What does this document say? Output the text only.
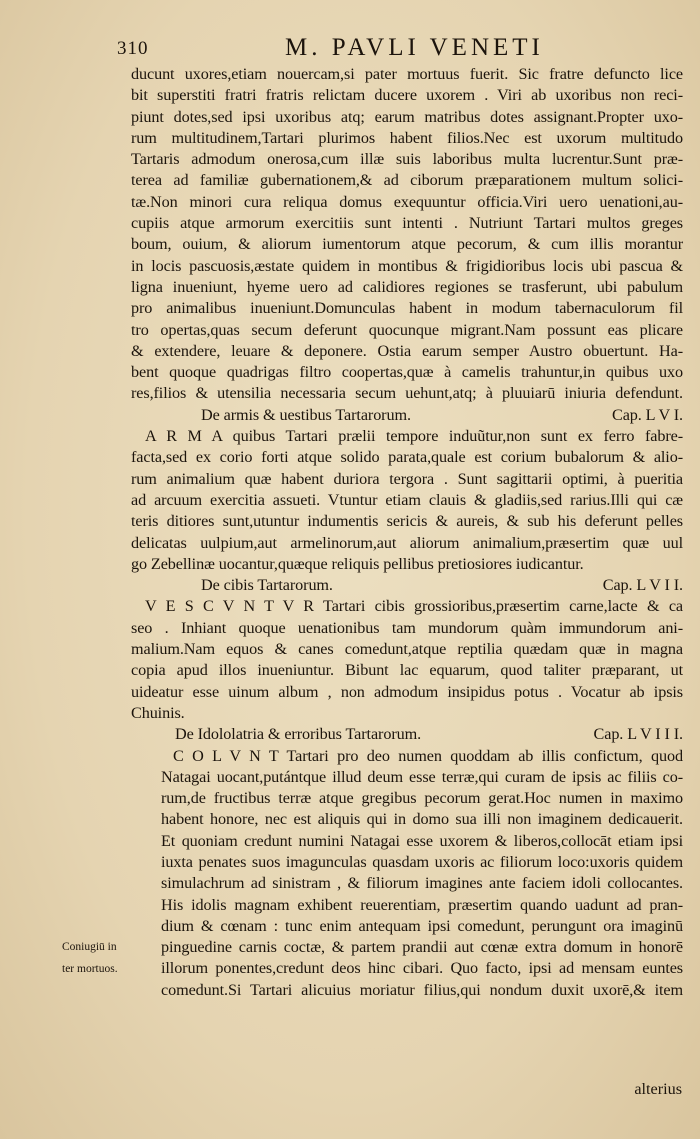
310	M. PAVLI VENETI
ducunt uxores,etiam nouercam,si pater mortuus fuerit. Sic fratre defuncto lice
bit superstiti fratri fratris relictam ducere uxorem . Viri ab uxoribus non reci-
piunt dotes,sed ipsi uxoribus atq; earum matribus dotes assignant.Propter uxo-
rum multitudinem,Tartari plurimos habent filios.Nec est uxorum multitudo
Tartaris admodum onerosa,cum illæ suis laboribus multa lucrentur.Sunt præ-
terea ad familiæ gubernationem,& ad ciborum præparationem multum solici-
tæ.Non minori cura reliqua domus exequuntur officia.Viri uero uenationi,au-
cupiis atque armorum exercitiis sunt intenti . Nutriunt Tartari multos greges
boum, ouium, & aliorum iumentorum atque pecorum, & cum illis morantur
in locis pascuosis,æstate quidem in montibus & frigidioribus locis ubi pascua &
ligna inueniunt, hyeme uero ad calidiores regiones se trasferunt, ubi pabulum
pro animalibus inueniunt.Domunculas habent in modum tabernaculorum fil
tro opertas,quas secum deferunt quocunque migrant.Nam possunt eas plicare
& extendere, leuare & deponere. Ostia earum semper Austro obuertunt. Ha-
bent quoque quadrigas filtro coopertas,quæ à camelis trahuntur,in quibus uxo
res,filios & utensilia necessaria secum uehunt,atq; à pluuiarū iniuria defendunt.
De armis & uestibus Tartarorum.	Cap. L V I.
A R M A quibus Tartari prælii tempore induũtur,non sunt ex ferro fabre-
facta,sed ex corio forti atque solido parata,quale est corium bubalorum & alio-
rum animalium quæ habent duriora tergora . Sunt sagittarii optimi, à pueritia
ad arcuum exercitia assueti. Vtuntur etiam clauis & gladiis,sed rarius.Illi qui cæ
teris ditiores sunt,utuntur indumentis sericis & aureis, & sub his deferunt pelles
delicatas uulpium,aut armelinorum,aut aliorum animalium,præsertim quæ uul
go Zebellinæ uocantur,quæque reliquis pellibus pretiosiores iudicantur.
De cibis Tartarorum.	Cap. L V I I.
V E S C V N T V R Tartari cibis grossioribus,præsertim carne,lacte & ca
seo . Inhiant quoque uenationibus tam mundorum quàm immundorum ani-
malium.Nam equos & canes comedunt,atque reptilia quædam quæ in magna
copia apud illos inueniuntur. Bibunt lac equarum, quod taliter præparant, ut
uideatur esse uinum album , non admodum insipidus potus . Vocatur ab ipsis
Chuinis.
De Idololatria & erroribus Tartarorum.	Cap. L V I I I.
C O L V N T Tartari pro deo numen quoddam ab illis confictum, quod
Natagai uocant,putántque illud deum esse terræ,qui curam de ipsis ac filiis co-
rum,de fructibus terræ atque gregibus pecorum gerat.Hoc numen in maximo
habent honore, nec est aliquis qui in domo sua illi non imaginem dedicauerit.
Et quoniam credunt numini Natagai esse uxorem & liberos,collocāt etiam ipsi
iuxta penates suos imagunculas quasdam uxoris ac filiorum loco:uxoris quidem
simulachrum ad sinistram , & filiorum imagines ante faciem idoli collocantes.
His idolis magnam exhibent reuerentiam, præsertim quando uadunt ad pran-
dium & cœnam : tunc enim antequam ipsi comedunt, perungunt ora imaginū
pinguedine carnis coctæ, & partem prandii aut cœnæ extra domum in honorē
illorum ponentes,credunt deos hinc cibari. Quo facto, ipsi ad mensam euntes
comedunt.Si Tartari alicuius moriatur filius,qui nondum duxit uxorē,& item
Coniugiū in
ter mortuos.
alterius
